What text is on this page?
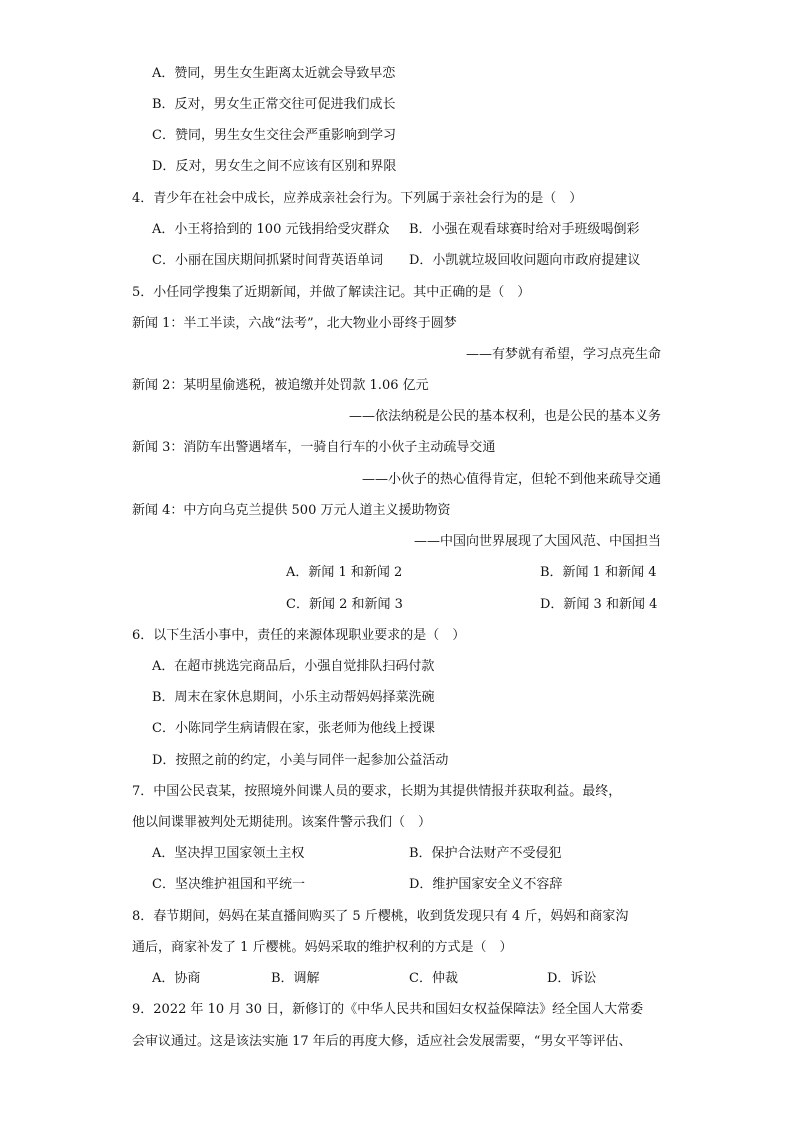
A．赞同，男生女生距离太近就会导致早恋
B．反对，男女生正常交往可促进我们成长
C．赞同，男生女生交往会严重影响到学习
D．反对，男女生之间不应该有区别和界限
4．青少年在社会中成长，应养成亲社会行为。下列属于亲社会行为的是（　）
A．小王将拾到的 100 元钱捐给受灾群众 B．小强在观看球赛时给对手班级喝倒彩
C．小丽在国庆期间抓紧时间背英语单词 D．小凯就垃圾回收问题向市政府提建议
5．小任同学搜集了近期新闻，并做了解读注记。其中正确的是（　）
新闻 1：半工半读，六战“法考”，北大物业小哥终于圆梦
——有梦就有希望，学习点亮生命
新闻 2：某明星偷逃税，被追缴并处罚款 1.06 亿元
——依法纳税是公民的基本权利，也是公民的基本义务
新闻 3：消防车出警遇堵车，一骑自行车的小伙子主动疏导交通
——小伙子的热心值得肯定，但轮不到他来疏导交通
新闻 4：中方向乌克兰提供 500 万元人道主义援助物资
——中国向世界展现了大国风范、中国担当
A．新闻 1 和新闻 2	B．新闻 1 和新闻 4
C．新闻 2 和新闻 3	D．新闻 3 和新闻 4
6．以下生活小事中，责任的来源体现职业要求的是（　）
A．在超市挑选完商品后，小强自觉排队扫码付款
B．周末在家休息期间，小乐主动帮妈妈择菜洗碗
C．小陈同学生病请假在家，张老师为他线上授课
D．按照之前的约定，小美与同伴一起参加公益活动
7．中国公民袁某，按照境外间谍人员的要求，长期为其提供情报并获取利益。最终，
他以间谍罪被判处无期徒刑。该案件警示我们（　）
A．坚决捍卫国家领土主权	B．保护合法财产不受侵犯
C．坚决维护祖国和平统一	D．维护国家安全义不容辞
8．春节期间，妈妈在某直播间购买了 5 斤樱桃，收到货发现只有 4 斤，妈妈和商家沟
通后，商家补发了 1 斤樱桃。妈妈采取的维护权利的方式是（　）
A．协商	B．调解	C．仲裁	D．诉讼
9．2022 年 10 月 30 日，新修订的《中华人民共和国妇女权益保障法》经全国人大常委
会审议通过。这是该法实施 17 年后的再度大修，适应社会发展需要，“男女平等评估、
